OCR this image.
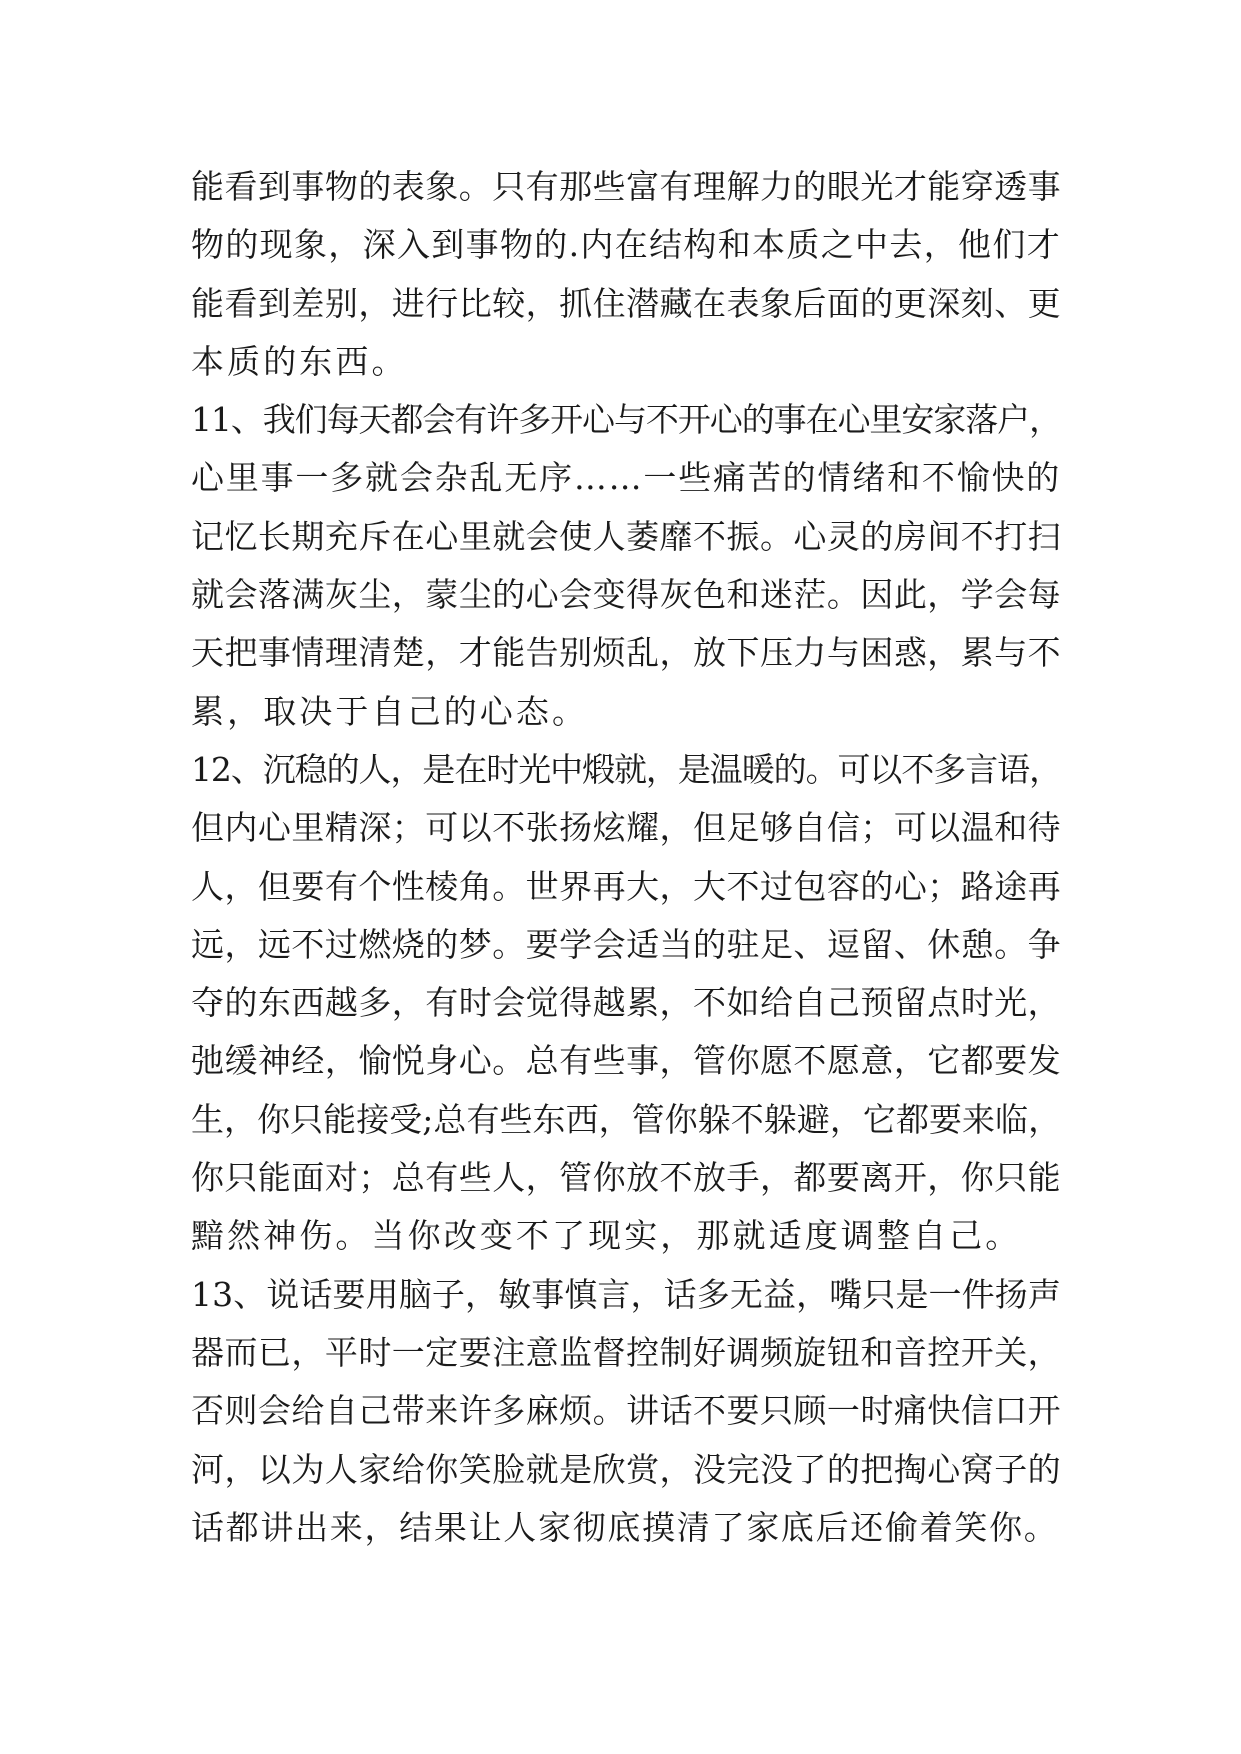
能看到事物的表象。只有那些富有理解力的眼光才能穿透事
物的现象，深入到事物的.内在结构和本质之中去，他们才
能看到差别，进行比较，抓住潜藏在表象后面的更深刻、更
本质的东西。
11、我们每天都会有许多开心与不开心的事在心里安家落户，
心里事一多就会杂乱无序……一些痛苦的情绪和不愉快的
记忆长期充斥在心里就会使人萎靡不振。心灵的房间不打扫
就会落满灰尘，蒙尘的心会变得灰色和迷茫。因此，学会每
天把事情理清楚，才能告别烦乱，放下压力与困惑，累与不
累，取决于自己的心态。
12、沉稳的人，是在时光中煅就，是温暖的。可以不多言语，
但内心里精深；可以不张扬炫耀，但足够自信；可以温和待
人，但要有个性棱角。世界再大，大不过包容的心；路途再
远，远不过燃烧的梦。要学会适当的驻足、逗留、休憩。争
夺的东西越多，有时会觉得越累，不如给自己预留点时光，
弛缓神经，愉悦身心。总有些事，管你愿不愿意，它都要发
生，你只能接受;总有些东西，管你躲不躲避，它都要来临，
你只能面对；总有些人，管你放不放手，都要离开，你只能
黯然神伤。当你改变不了现实，那就适度调整自己。
13、说话要用脑子，敏事慎言，话多无益，嘴只是一件扬声
器而已，平时一定要注意监督控制好调频旋钮和音控开关，
否则会给自己带来许多麻烦。讲话不要只顾一时痛快信口开
河，以为人家给你笑脸就是欣赏，没完没了的把掏心窝子的
话都讲出来，结果让人家彻底摸清了家底后还偷着笑你。
